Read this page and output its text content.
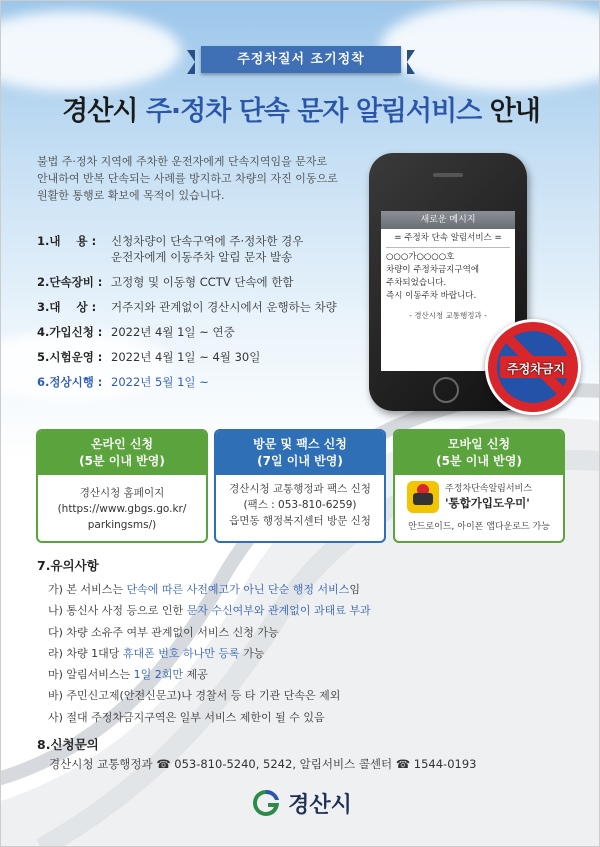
주정차질서 조기정착
경산시 주·정차 단속 문자 알림서비스 안내
불법 주·정차 지역에 주차한 운전자에게 단속지역임을 문자로
안내하여 반복 단속되는 사례를 방지하고 차량의 자진 이동으로
원활한 통행로 확보에 목적이 있습니다.
1.내    용 :	신청차량이 단속구역에 주·정차한 경우
운전자에게 이동주차 알림 문자 발송
2.단속장비 : 고정형 및 이동형 CCTV 단속에 한함
3.대    상 :	거주지와 관계없이 경산시에서 운행하는 차량
4.가입신청 : 2022년 4월 1일 ~ 연중
5.시험운영 : 2022년 4월 1일 ~ 4월 30일
6.정상시행 : 2022년 5월 1일 ~
새로운 메시지
= 주정차 단속 알림서비스 =
○○○가○○○○호
차량이 주정차금지구역에
주차되었습니다.
즉시 이동주차 바랍니다.
- 경산시청 교통행정과 -
주정차금지
온라인 신청
(5분 이내 반영)
경산시청 홈페이지
(https://www.gbgs.go.kr/
parkingsms/)
방문 및 팩스 신청
(7일 이내 반영)
경산시청 교통행정과 팩스 신청
(팩스 : 053-810-6259)
읍면동 행정복지센터 방문 신청
모바일 신청
(5분 이내 반영)
주정차단속알림서비스
'통합가입도우미'
안드로이드, 아이폰 앱다운로드 가능
7.유의사항
가) 본 서비스는 단속에 따른 사전예고가 아닌 단순 행정 서비스임
나) 통신사 사정 등으로 인한 문자 수신여부와 관계없이 과태료 부과
다) 차량 소유주 여부 관계없이 서비스 신청 가능
라) 차량 1대당 휴대폰 번호 하나만 등록 가능
마) 알림서비스는 1일 2회만 제공
바) 주민신고제(안전신문고)나 경찰서 등 타 기관 단속은 제외
사) 절대 주정차금지구역은 일부 서비스 제한이 될 수 있음
8.신청문의
경산시청 교통행정과 ☎ 053-810-5240, 5242, 알림서비스 콜센터 ☎ 1544-0193
경산시
